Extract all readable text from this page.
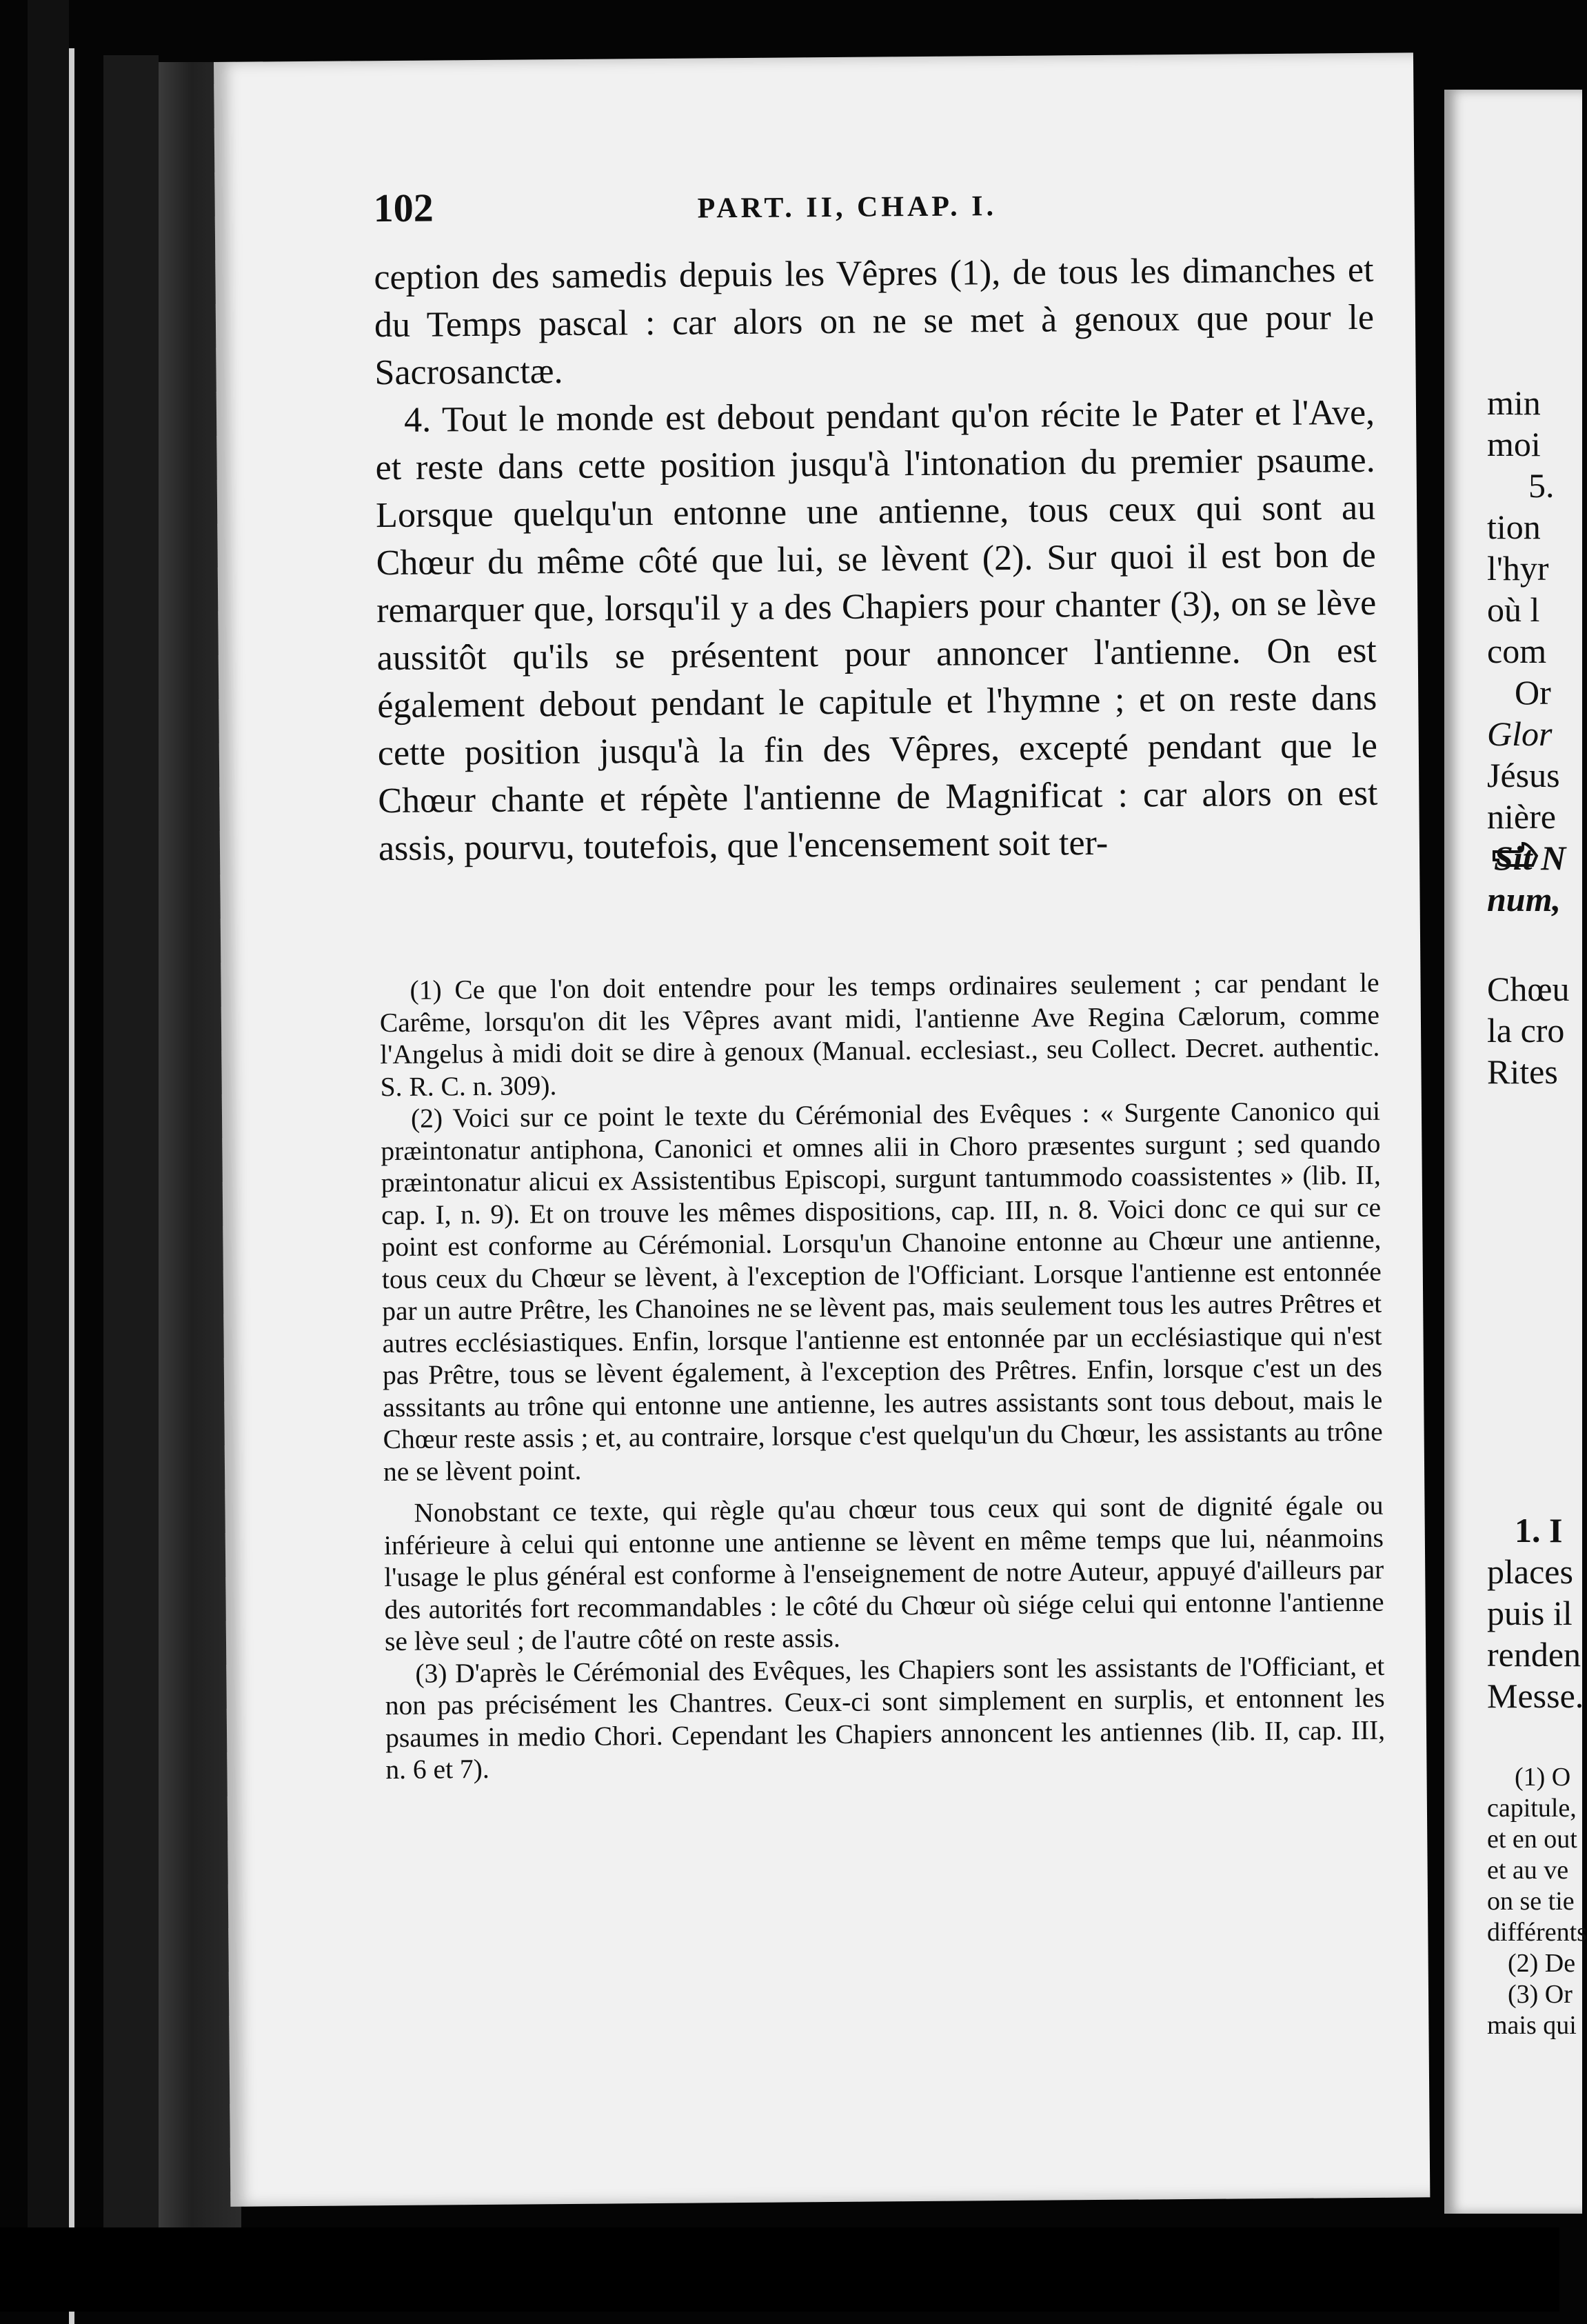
102	PART. II, CHAP. I.

ception des samedis depuis les Vêpres (1), de tous les dimanches et du Temps pascal : car alors on ne se met à genoux que pour le Sacrosanctæ.

4. Tout le monde est debout pendant qu'on récite le Pater et l'Ave, et reste dans cette position jusqu'à l'intonation du premier psaume. Lorsque quelqu'un entonne une antienne, tous ceux qui sont au Chœur du même côté que lui, se lèvent (2). Sur quoi il est bon de remarquer que, lorsqu'il y a des Chapiers pour chanter (3), on se lève aussitôt qu'ils se présentent pour annoncer l'antienne. On est également debout pendant le capitule et l'hymne ; et on reste dans cette position jusqu'à la fin des Vêpres, excepté pendant que le Chœur chante et répète l'antienne de Magnificat : car alors on est assis, pourvu, toutefois, que l'encensement soit ter-

(1) Ce que l'on doit entendre pour les temps ordinaires seulement ; car pendant le Carême, lorsqu'on dit les Vêpres avant midi, l'antienne Ave Regina Cælorum, comme l'Angelus à midi doit se dire à genoux (Manual. ecclesiast., seu Collect. Decret. authentic. S. R. C. n. 309).

(2) Voici sur ce point le texte du Cérémonial des Evêques : « Surgente Canonico qui præintonatur antiphona, Canonici et omnes alii in Choro præsentes surgunt ; sed quando præintonatur alicui ex Assistentibus Episcopi, surgunt tantummodo coassistentes » (lib. II, cap. I, n. 9). Et on trouve les mêmes dispositions, cap. III, n. 8. Voici donc ce qui sur ce point est conforme au Cérémonial. Lorsqu'un Chanoine entonne au Chœur une antienne, tous ceux du Chœur se lèvent, à l'exception de l'Officiant. Lorsque l'antienne est entonnée par un autre Prêtre, les Chanoines ne se lèvent pas, mais seulement tous les autres Prêtres et autres ecclésiastiques. Enfin, lorsque l'antienne est entonnée par un ecclésiastique qui n'est pas Prêtre, tous se lèvent également, à l'exception des Prêtres. Enfin, lorsque c'est un des asssitants au trône qui entonne une antienne, les autres assistants sont tous debout, mais le Chœur reste assis ; et, au contraire, lorsque c'est quelqu'un du Chœur, les assistants au trône ne se lèvent point.

Nonobstant ce texte, qui règle qu'au chœur tous ceux qui sont de dignité égale ou inférieure à celui qui entonne une antienne se lèvent en même temps que lui, néanmoins l'usage le plus général est conforme à l'enseignement de notre Auteur, appuyé d'ailleurs par des autorités fort recommandables : le côté du Chœur où siége celui qui entonne l'antienne se lève seul ; de l'autre côté on reste assis.

(3) D'après le Cérémonial des Evêques, les Chapiers sont les assistants de l'Officiant, et non pas précisément les Chantres. Ceux-ci sont simplement en surplis, et entonnent les psaumes in medio Chori. Cependant les Chapiers annoncent les antiennes (lib. II, cap. III, n. 6 et 7).

min
moi
5.
tion
l'hyr
où l
com
Or
Glor
Jésus
nière
Sit N
num,
Chœu
la cro
Rites
1. I
places
puis il
renden
Messe.
(1) O
capitule,
et en out
et au ve
on se tie
différents
(2) De
(3) Or
mais qui
